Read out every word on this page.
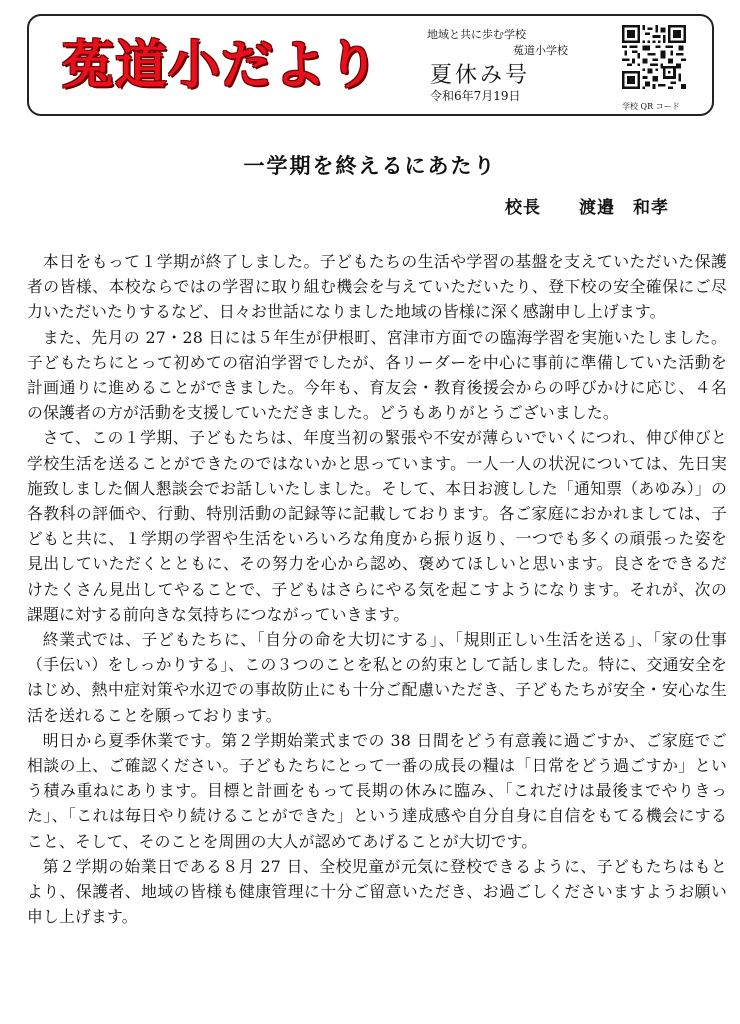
菟道小だより
地域と共に歩む学校
菟道小学校
夏休み号
令和6年7月19日
学校 QR コード
一学期を終えるにあたり
校長 渡邉　和孝

本日をもって１学期が終了しました。子どもたちの生活や学習の基盤を支えていただいた保護者の皆様、本校ならではの学習に取り組む機会を与えていただいたり、登下校の安全確保にご尽力いただいたりするなど、日々お世話になりました地域の皆様に深く感謝申し上げます。

また、先月の 27・28 日には５年生が伊根町、宮津市方面での臨海学習を実施いたしました。子どもたちにとって初めての宿泊学習でしたが、各リーダーを中心に事前に準備していた活動を計画通りに進めることができました。今年も、育友会・教育後援会からの呼びかけに応じ、４名の保護者の方が活動を支援していただきました。どうもありがとうございました。

さて、この１学期、子どもたちは、年度当初の緊張や不安が薄らいでいくにつれ、伸び伸びと学校生活を送ることができたのではないかと思っています。一人一人の状況については、先日実施致しました個人懇談会でお話しいたしました。そして、本日お渡しした「通知票（あゆみ）」の各教科の評価や、行動、特別活動の記録等に記載しております。各ご家庭におかれましては、子どもと共に、１学期の学習や生活をいろいろな角度から振り返り、一つでも多くの頑張った姿を見出していただくとともに、その努力を心から認め、褒めてほしいと思います。良さをできるだけたくさん見出してやることで、子どもはさらにやる気を起こすようになります。それが、次の課題に対する前向きな気持ちにつながっていきます。

終業式では、子どもたちに、「自分の命を大切にする」、「規則正しい生活を送る」、「家の仕事（手伝い）をしっかりする」、この３つのことを私との約束として話しました。特に、交通安全をはじめ、熱中症対策や水辺での事故防止にも十分ご配慮いただき、子どもたちが安全・安心な生活を送れることを願っております。

明日から夏季休業です。第２学期始業式までの 38 日間をどう有意義に過ごすか、ご家庭でご相談の上、ご確認ください。子どもたちにとって一番の成長の糧は「日常をどう過ごすか」という積み重ねにあります。目標と計画をもって長期の休みに臨み、「これだけは最後までやりきった」、「これは毎日やり続けることができた」という達成感や自分自身に自信をもてる機会にすること、そして、そのことを周囲の大人が認めてあげることが大切です。

第２学期の始業日である８月 27 日、全校児童が元気に登校できるように、子どもたちはもとより、保護者、地域の皆様も健康管理に十分ご留意いただき、お過ごしくださいますようお願い申し上げます。
